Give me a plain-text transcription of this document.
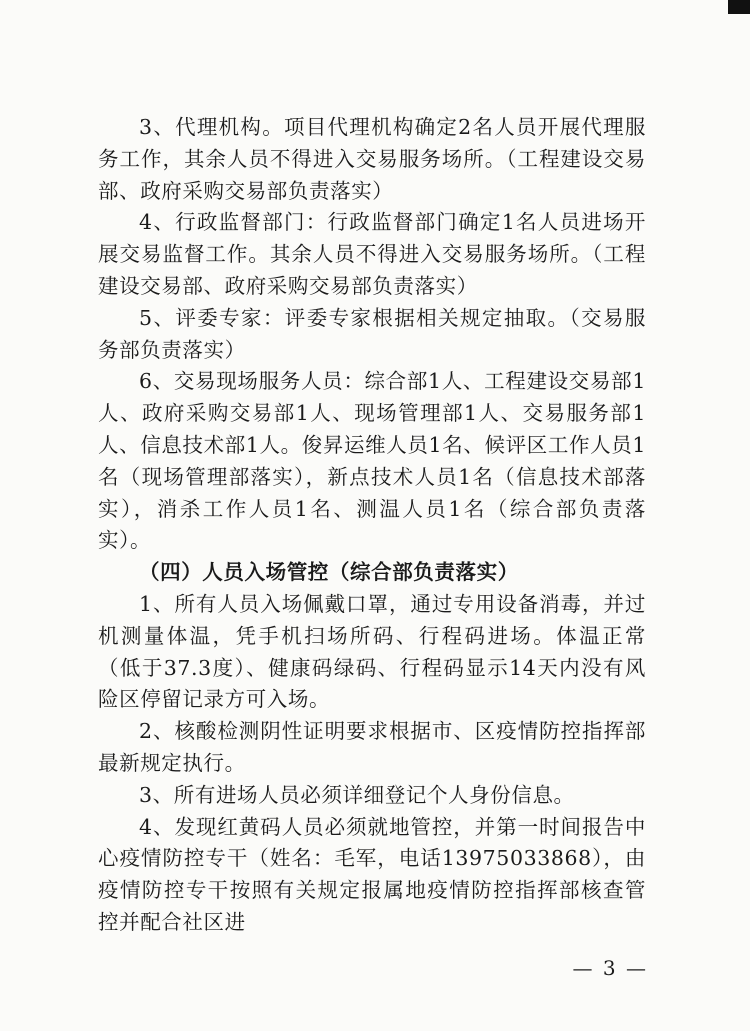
3、代理机构。项目代理机构确定2名人员开展代理服务工作，其余人员不得进入交易服务场所。（工程建设交易部、政府采购交易部负责落实）

4、行政监督部门：行政监督部门确定1名人员进场开展交易监督工作。其余人员不得进入交易服务场所。（工程建设交易部、政府采购交易部负责落实）

5、评委专家：评委专家根据相关规定抽取。（交易服务部负责落实）

6、交易现场服务人员：综合部1人、工程建设交易部1人、政府采购交易部1人、现场管理部1人、交易服务部1人、信息技术部1人。俊昇运维人员1名、候评区工作人员1名（现场管理部落实），新点技术人员1名（信息技术部落实），消杀工作人员1名、测温人员1名（综合部负责落实）。

（四）人员入场管控（综合部负责落实）

1、所有人员入场佩戴口罩，通过专用设备消毒，并过机测量体温，凭手机扫场所码、行程码进场。体温正常（低于37.3度）、健康码绿码、行程码显示14天内没有风险区停留记录方可入场。

2、核酸检测阴性证明要求根据市、区疫情防控指挥部最新规定执行。

3、所有进场人员必须详细登记个人身份信息。

4、发现红黄码人员必须就地管控，并第一时间报告中心疫情防控专干（姓名：毛军，电话13975033868），由疫情防控专干按照有关规定报属地疫情防控指挥部核查管控并配合社区进

— 3 —
